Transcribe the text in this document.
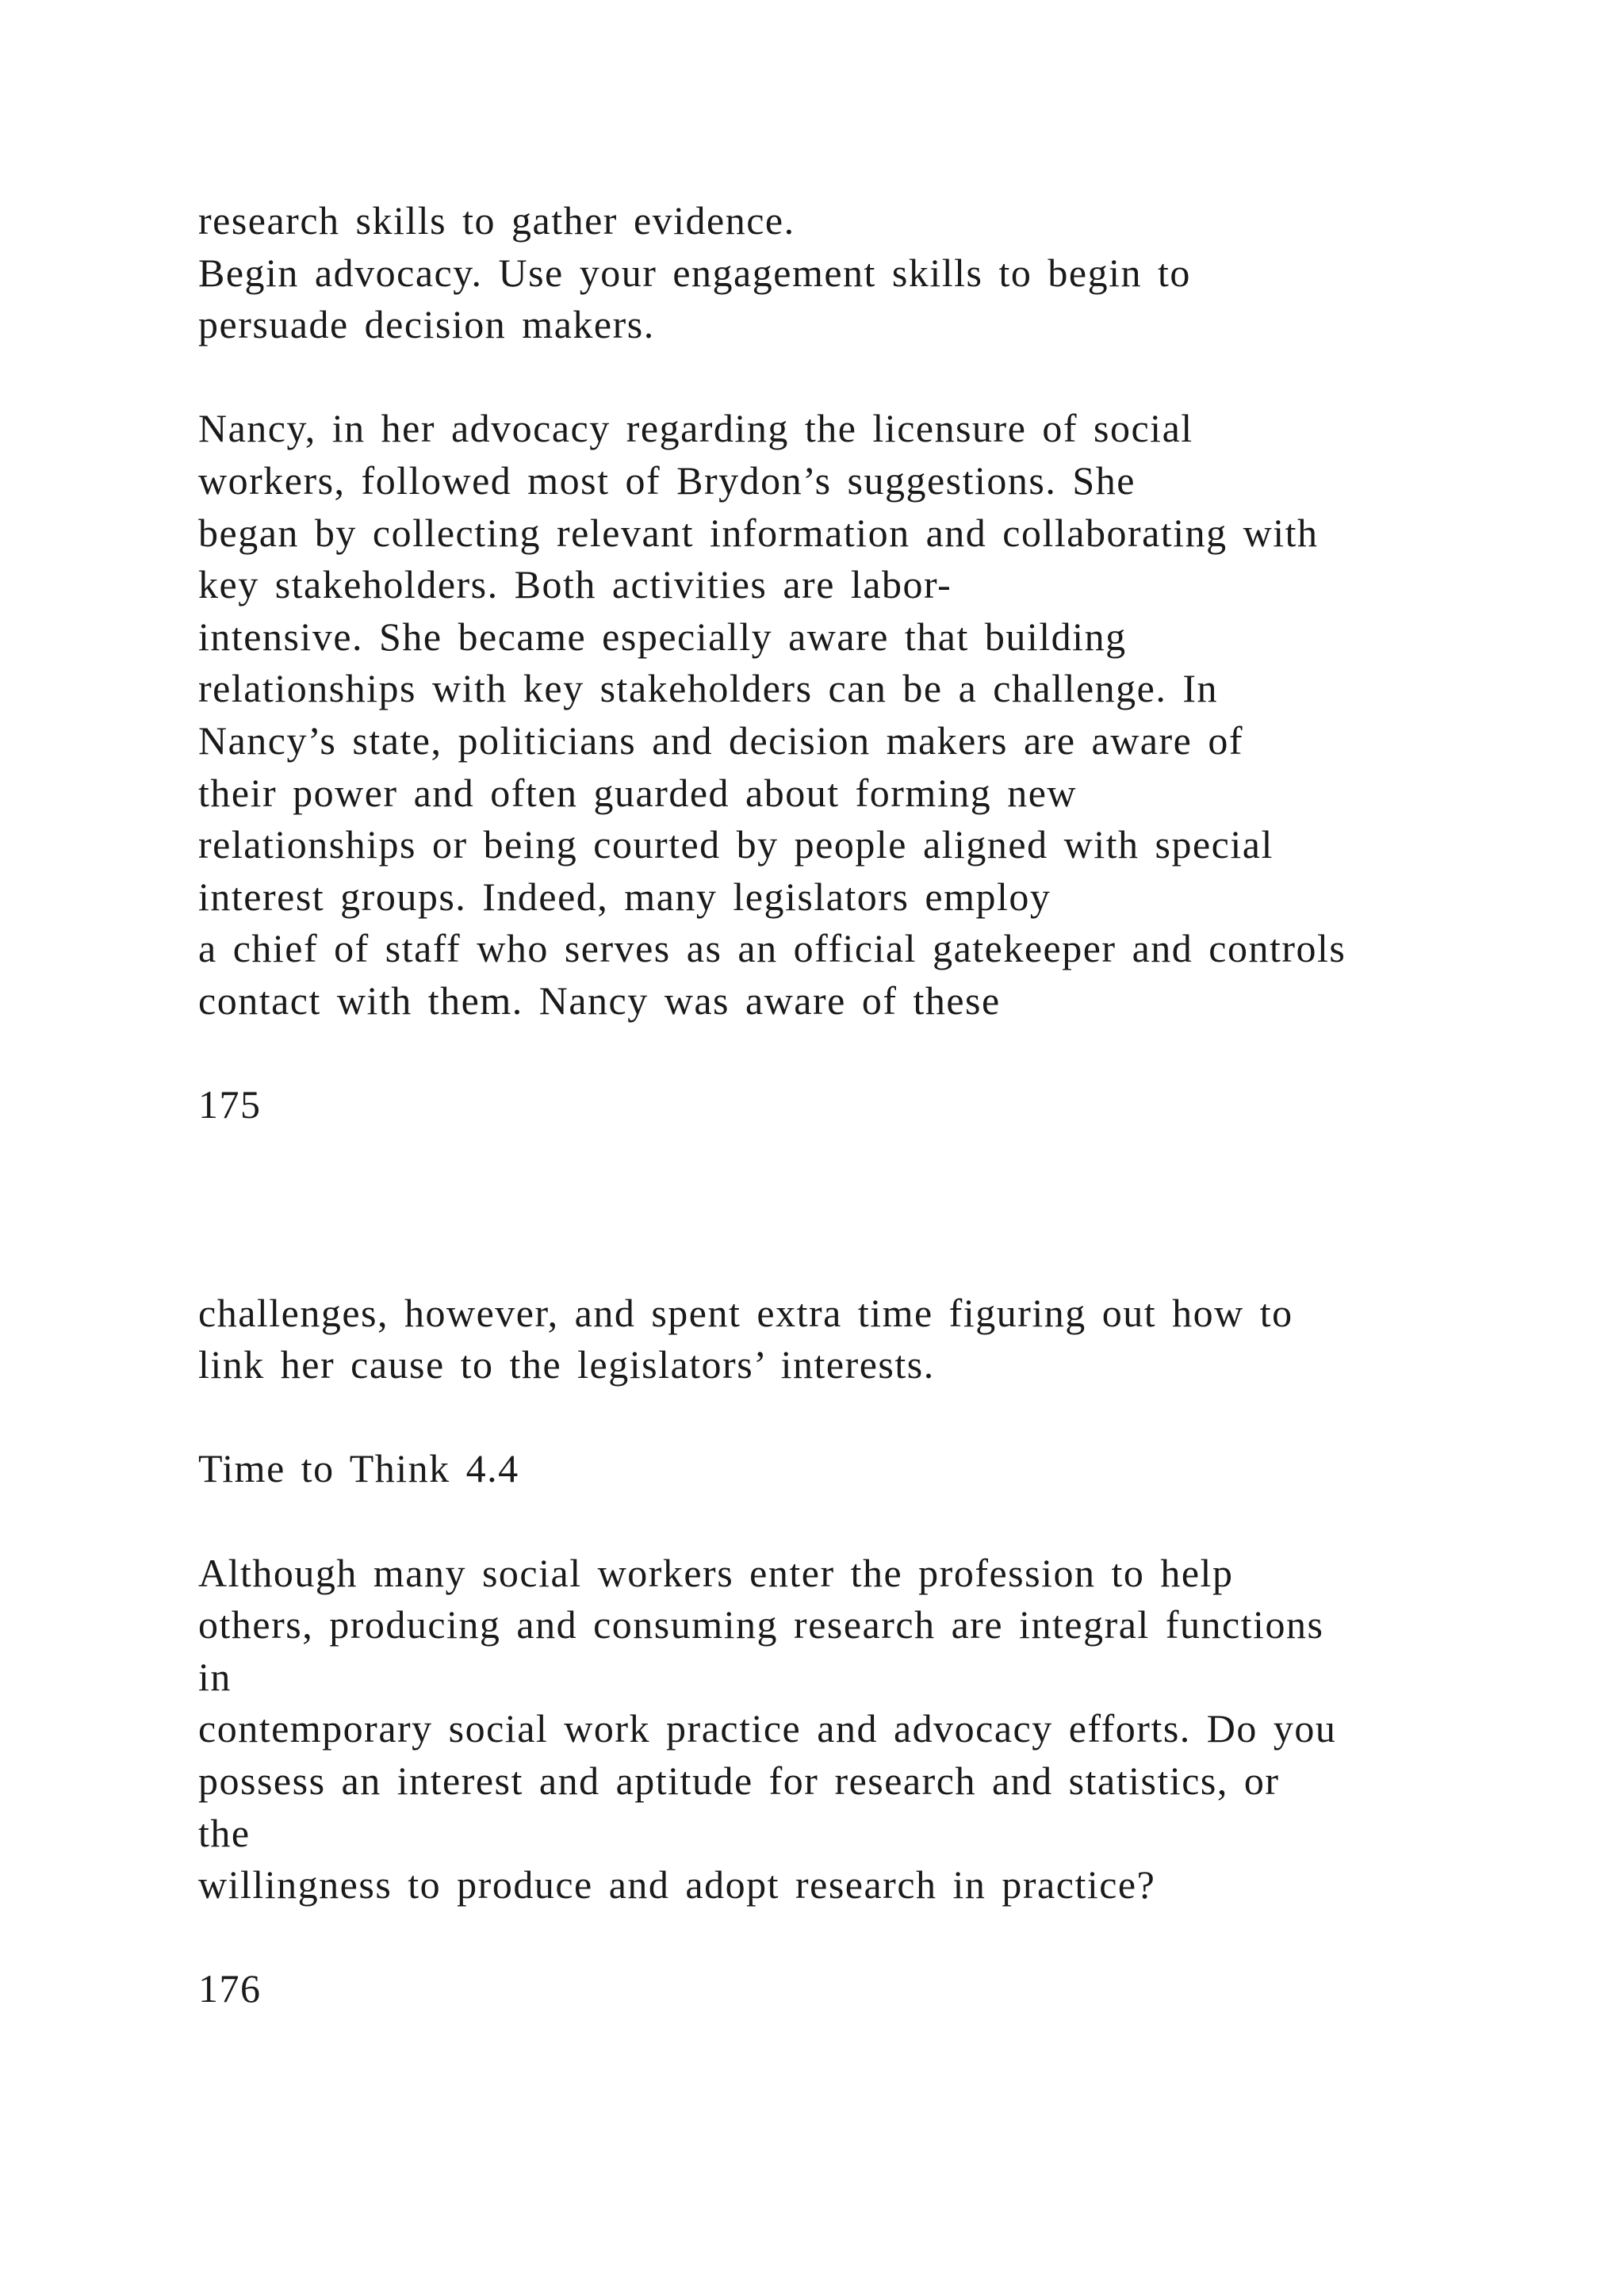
research skills to gather evidence.
Begin advocacy. Use your engagement skills to begin to
persuade decision makers.
Nancy, in her advocacy regarding the licensure of social
workers, followed most of Brydon’s suggestions. She
began by collecting relevant information and collaborating with
key stakeholders. Both activities are labor-
intensive. She became especially aware that building
relationships with key stakeholders can be a challenge. In
Nancy’s state, politicians and decision makers are aware of
their power and often guarded about forming new
relationships or being courted by people aligned with special
interest groups. Indeed, many legislators employ
a chief of staff who serves as an official gatekeeper and controls
contact with them. Nancy was aware of these
175
challenges, however, and spent extra time figuring out how to
link her cause to the legislators’ interests.
Time to Think 4.4
Although many social workers enter the profession to help
others, producing and consuming research are integral functions
in
contemporary social work practice and advocacy efforts. Do you
possess an interest and aptitude for research and statistics, or
the
willingness to produce and adopt research in practice?
176
